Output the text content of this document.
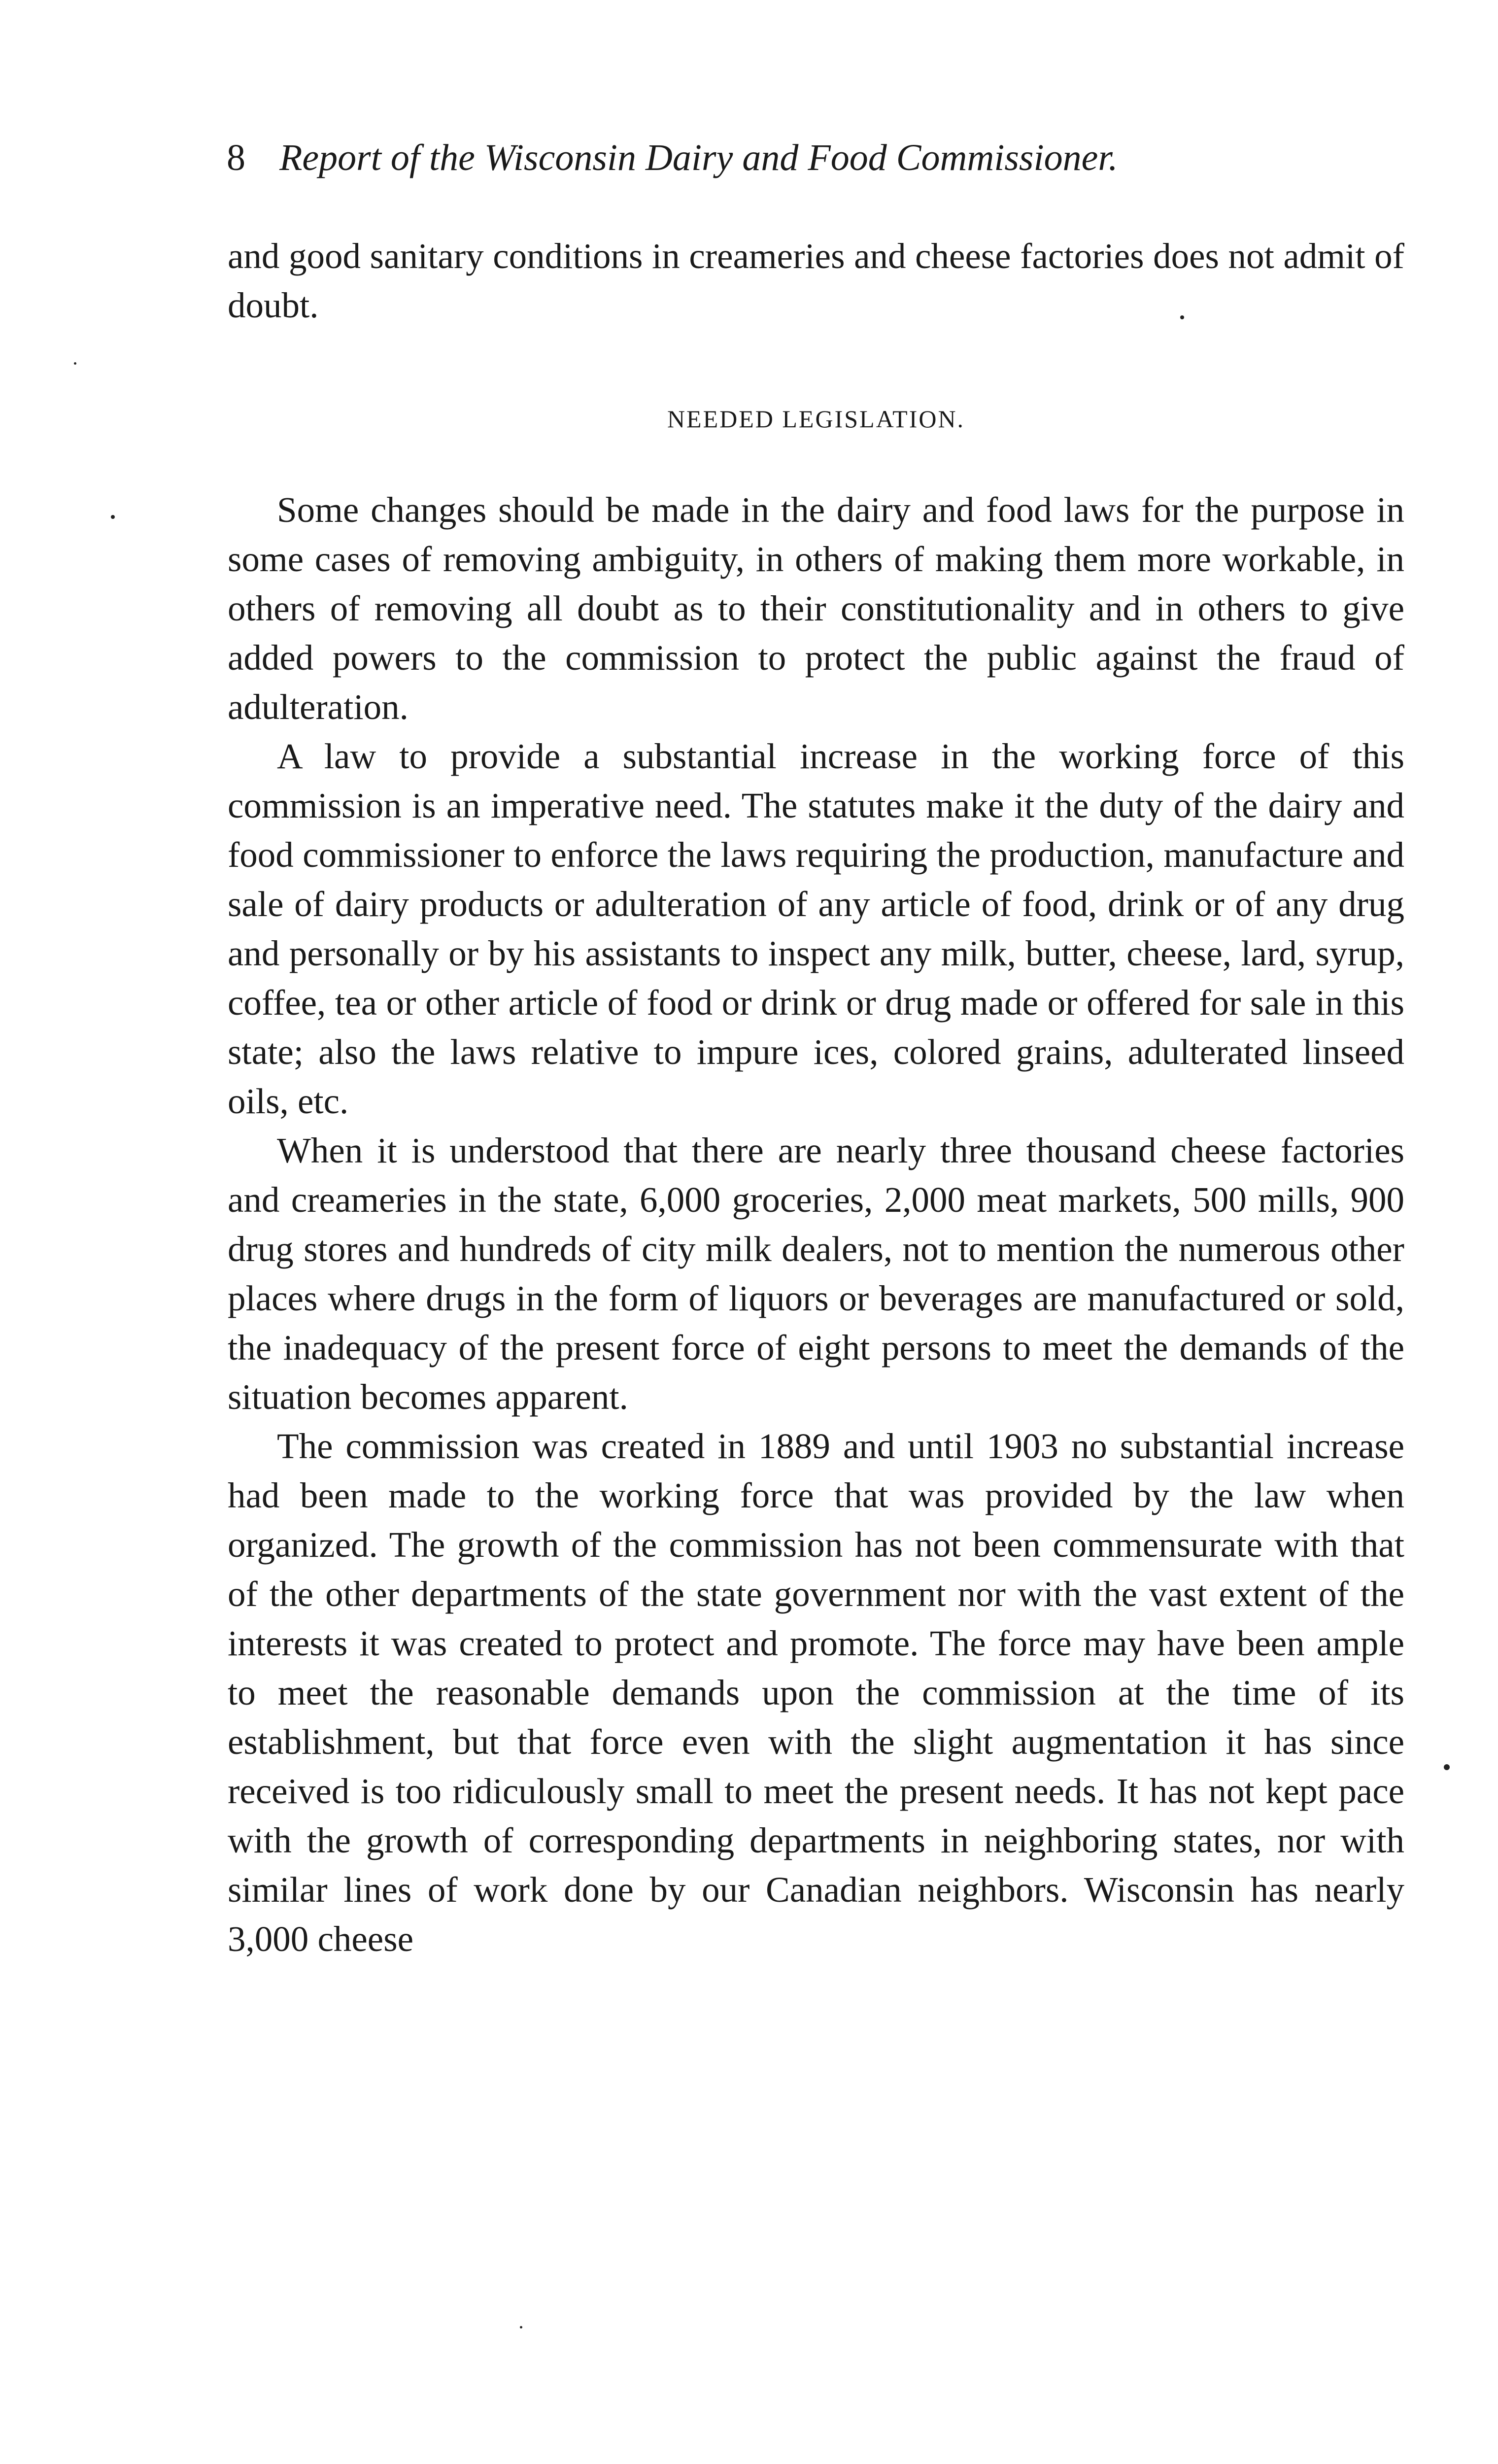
8 Report of the Wisconsin Dairy and Food Commissioner.

and good sanitary conditions in creameries and cheese factories does not admit of doubt.

NEEDED LEGISLATION.

Some changes should be made in the dairy and food laws for the purpose in some cases of removing ambiguity, in others of making them more workable, in others of removing all doubt as to their constitutionality and in others to give added powers to the commission to protect the public against the fraud of adulteration.

A law to provide a substantial increase in the working force of this commission is an imperative need. The statutes make it the duty of the dairy and food commissioner to enforce the laws requiring the production, manufacture and sale of dairy products or adulteration of any article of food, drink or of any drug and personally or by his assistants to inspect any milk, butter, cheese, lard, syrup, coffee, tea or other article of food or drink or drug made or offered for sale in this state; also the laws relative to impure ices, colored grains, adulterated linseed oils, etc.

When it is understood that there are nearly three thousand cheese factories and creameries in the state, 6,000 groceries, 2,000 meat markets, 500 mills, 900 drug stores and hundreds of city milk dealers, not to mention the numerous other places where drugs in the form of liquors or beverages are manufactured or sold, the inadequacy of the present force of eight persons to meet the demands of the situation becomes apparent.

The commission was created in 1889 and until 1903 no substantial increase had been made to the working force that was provided by the law when organized. The growth of the commission has not been commensurate with that of the other departments of the state government nor with the vast extent of the interests it was created to protect and promote. The force may have been ample to meet the reasonable demands upon the commission at the time of its establishment, but that force even with the slight augmentation it has since received is too ridiculously small to meet the present needs. It has not kept pace with the growth of corresponding departments in neighboring states, nor with similar lines of work done by our Canadian neighbors. Wisconsin has nearly 3,000 cheese
